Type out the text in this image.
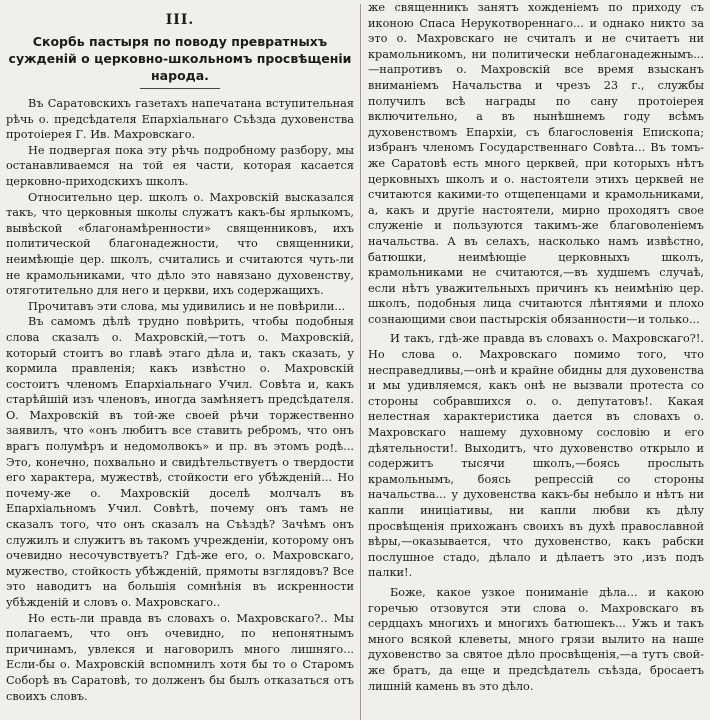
III.
Скорбь пастыря по поводу превратныхъ сужденій о церковно-школьномъ просвѣщеніи народа.

Въ Саратовскихъ газетахъ напечатана вступительная рѣчь о. предсѣдателя Епархіальнаго Съѣзда духовенства протоіерея Г. Ив. Махровскаго.

Не подвергая пока эту рѣчь подробному разбору, мы останавливаемся на той ея части, которая касается церковно-приходскихъ школъ.

Относительно цер. школъ о. Махровскій высказался такъ, что церковныя школы служатъ какъ-бы ярлыкомъ, вывѣской «благонамѣренности» священниковъ, ихъ политической благонадежности, что священники, неимѣющіе цер. школъ, считались и считаются чуть-ли не крамольниками, что дѣло это навязано духовенству, отяготительно для него и церкви, ихъ содержащихъ.

Прочитавъ эти слова, мы удивились и не повѣрили...

Въ самомъ дѣлѣ трудно повѣрить, чтобы подобныя слова сказалъ о. Махровскій,—тотъ о. Махровскій, который стоитъ во главѣ этаго дѣла и, такъ сказать, у кормила правленія; какъ извѣстно о. Махровскій состоитъ членомъ Епархіальнаго Учил. Совѣта и, какъ старѣйшій изъ членовъ, иногда замѣняетъ предсѣдателя. О. Махровскій въ той-же своей рѣчи торжественно заявилъ, что «онъ любитъ все ставить ребромъ, что онъ врагъ полумѣръ и недомолвокъ» и пр. въ этомъ родѣ... Это, конечно, похвально и свидѣтельствуетъ о твердости его характера, мужествѣ, стойкости его убѣжденій... Но почему-же о. Махровскій доселѣ молчалъ въ Епархіальномъ Учил. Совѣтѣ, почему онъ тамъ не сказалъ того, что онъ сказалъ на Съѣздѣ? Зачѣмъ онъ служилъ и служитъ въ такомъ учрежденіи, которому онъ очевидно несочувствуетъ? Гдѣ-же его, о. Махровскаго, мужество, стойкость убѣжденій, прямоты взглядовъ? Все это наводитъ на большія сомнѣнія въ искренности убѣжденій и словъ о. Махровскаго..

Но есть-ли правда въ словахъ о. Махровскаго?.. Мы полагаемъ, что онъ очевидно, по непонятнымъ причинамъ, увлекся и наговорилъ много лишняго... Если-бы о. Махровскій вспомнилъ хотя бы то о Старомъ Соборѣ въ Саратовѣ, то долженъ бы былъ отказаться отъ своихъ словъ.

же священникъ занятъ хожденіемъ по приходу съ иконою Спаса Нерукотвореннаго... и однако никто за это о. Махровскаго не считалъ и не считаетъ ни крамольникомъ, ни политически неблагонадежнымъ...—напротивъ о. Махровскій все время взысканъ вниманіемъ Начальства и чрезъ 23 г., службы получилъ всѣ награды по сану протоіерея включительно, а въ нынѣшнемъ году всѣмъ духовенствомъ Епархіи, съ благословенія Епископа; избранъ членомъ Государственнаго Совѣта... Въ томъ-же Саратовѣ есть много церквей, при которыхъ нѣтъ церковныхъ школъ и о. настоятели этихъ церквей не считаются какими-то отщепенцами и крамольниками, а, какъ и другіе настоятели, мирно проходятъ свое служеніе и пользуются такимъ-же благоволеніемъ начальства. А въ селахъ, насколько намъ извѣстно, батюшки, неимѣющіе церковныхъ школъ, крамольниками не считаются,—въ худшемъ случаѣ, если нѣтъ уважительныхъ причинъ къ неимѣнію цер. школъ, подобныя лица считаются лѣнтяями и плохо сознающими свои пастырскія обязанности—и только...

И такъ, гдѣ-же правда въ словахъ о. Махровскаго?!. Но слова о. Махровскаго помимо того, что несправедливы,—онѣ и крайне обидны для духовенства и мы удивляемся, какъ онѣ не вызвали протеста со стороны собравшихся о. о. депутатовъ!. Какая нелестная характеристика дается въ словахъ о. Махровскаго нашему духовному сословію и его дѣятельности!. Выходитъ, что духовенство открыло и содержитъ тысячи школъ,—боясь прослыть крамольнымъ, боясь репрессій со стороны начальства... у духовенства какъ-бы небыло и нѣтъ ни капли иниціативы, ни капли любви къ дѣлу просвѣщенія прихожанъ своихъ въ духѣ православной вѣры,—оказывается, что духовенство, какъ рабски послушное стадо, дѣлало и дѣлаетъ это ,изъ подъ палки!.

Боже, какое узкое пониманіе дѣла... и какою горечью отзовутся эти слова о. Махровскаго въ сердцахъ многихъ и многихъ батюшекъ... Ужъ и такъ много всякой клеветы, много грязи вылито на наше духовенство за святое дѣло просвѣщенія,—а тутъ свой-же братъ, да еще и предсѣдатель съѣзда, бросаетъ лишній камень въ это дѣло.
